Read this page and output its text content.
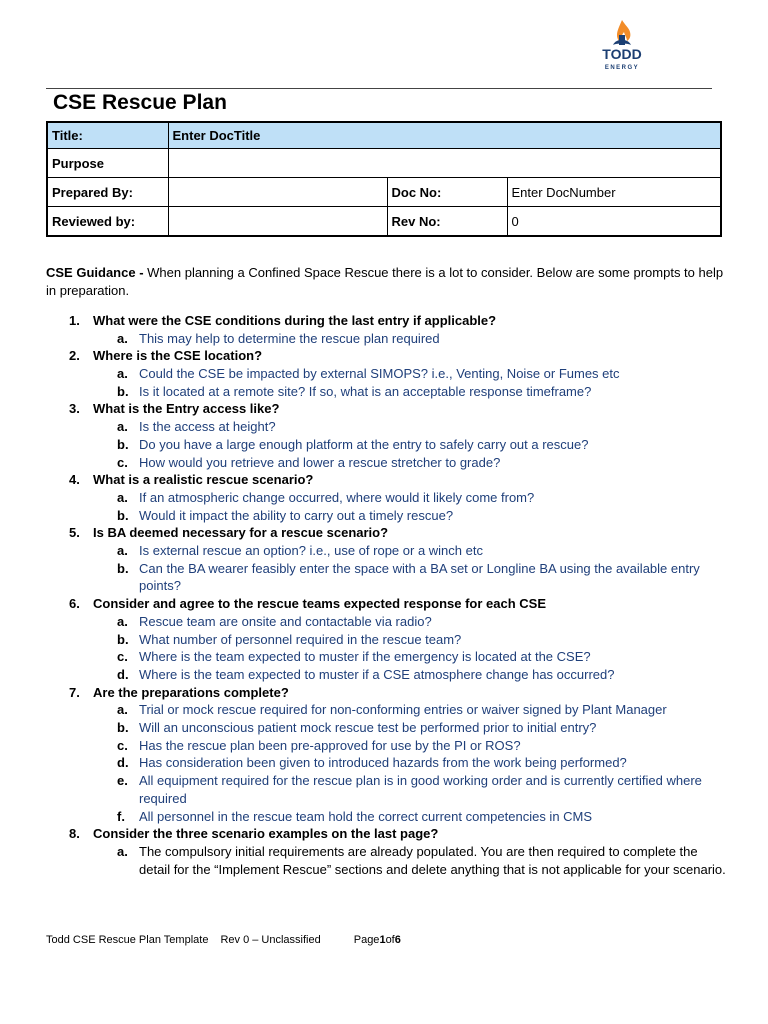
TODD
ENERGY
CSE Rescue Plan
Title:	Enter DocTitle		
Purpose			
Prepared By:		Doc No:	Enter DocNumber
Reviewed by:		Rev No:	0
CSE Guidance - When planning a Confined Space Rescue there is a lot to consider. Below are some prompts to help in preparation.
1. What were the CSE conditions during the last entry if applicable?
a. This may help to determine the rescue plan required
2. Where is the CSE location?
a. Could the CSE be impacted by external SIMOPS? i.e., Venting, Noise or Fumes etc
b. Is it located at a remote site? If so, what is an acceptable response timeframe?
3. What is the Entry access like?
a. Is the access at height?
b. Do you have a large enough platform at the entry to safely carry out a rescue?
c. How would you retrieve and lower a rescue stretcher to grade?
4. What is a realistic rescue scenario?
a. If an atmospheric change occurred, where would it likely come from?
b. Would it impact the ability to carry out a timely rescue?
5. Is BA deemed necessary for a rescue scenario?
a. Is external rescue an option? i.e., use of rope or a winch etc
b. Can the BA wearer feasibly enter the space with a BA set or Longline BA using the available entry points?
6. Consider and agree to the rescue teams expected response for each CSE
a. Rescue team are onsite and contactable via radio?
b. What number of personnel required in the rescue team?
c. Where is the team expected to muster if the emergency is located at the CSE?
d. Where is the team expected to muster if a CSE atmosphere change has occurred?
7. Are the preparations complete?
a. Trial or mock rescue required for non-conforming entries or waiver signed by Plant Manager
b. Will an unconscious patient mock rescue test be performed prior to initial entry?
c. Has the rescue plan been pre-approved for use by the PI or ROS?
d. Has consideration been given to introduced hazards from the work being performed?
e. All equipment required for the rescue plan is in good working order and is currently certified where required
f. All personnel in the rescue team hold the correct current competencies in CMS
8. Consider the three scenario examples on the last page?
a. The compulsory initial requirements are already populated. You are then required to complete the detail for the “Implement Rescue” sections and delete anything that is not applicable for your scenario.
Todd CSE Rescue Plan Template Rev 0 – Unclassified	Page1of6
